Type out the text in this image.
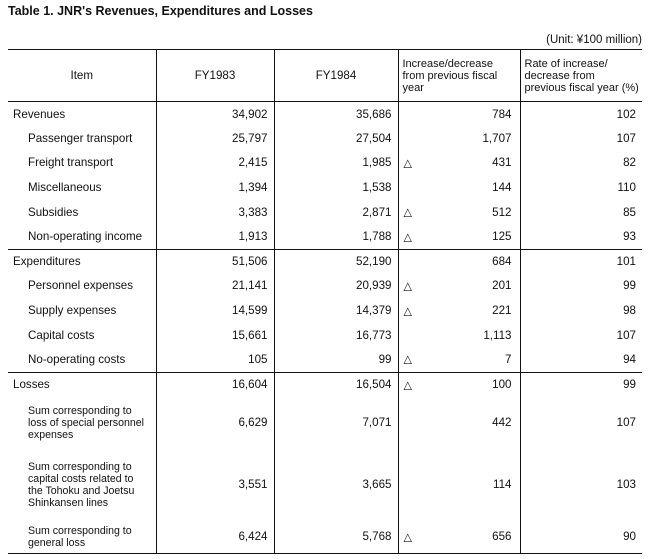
Table 1. JNR's Revenues, Expenditures and Losses
(Unit: ¥100 million)
Item	FY1983	FY1984	Increase/decrease from previous fiscal year	Rate of increase/ decrease from previous fiscal year (%)
Revenues	34,902	35,686	784	102
Passenger transport	25,797	27,504	1,707	107
Freight transport	2,415	1,985	△ 431	82
Miscellaneous	1,394	1,538	144	110
Subsidies	3,383	2,871	△ 512	85
Non-operating income	1,913	1,788	△ 125	93
Expenditures	51,506	52,190	684	101
Personnel expenses	21,141	20,939	△ 201	99
Supply expenses	14,599	14,379	△ 221	98
Capital costs	15,661	16,773	1,113	107
No-operating costs	105	99	△ 7	94
Losses	16,604	16,504	△ 100	99
Sum corresponding to loss of special personnel expenses	6,629	7,071	442	107
Sum corresponding to capital costs related to the Tohoku and Joetsu Shinkansen lines	3,551	3,665	114	103
Sum corresponding to general loss	6,424	5,768	△ 656	90
